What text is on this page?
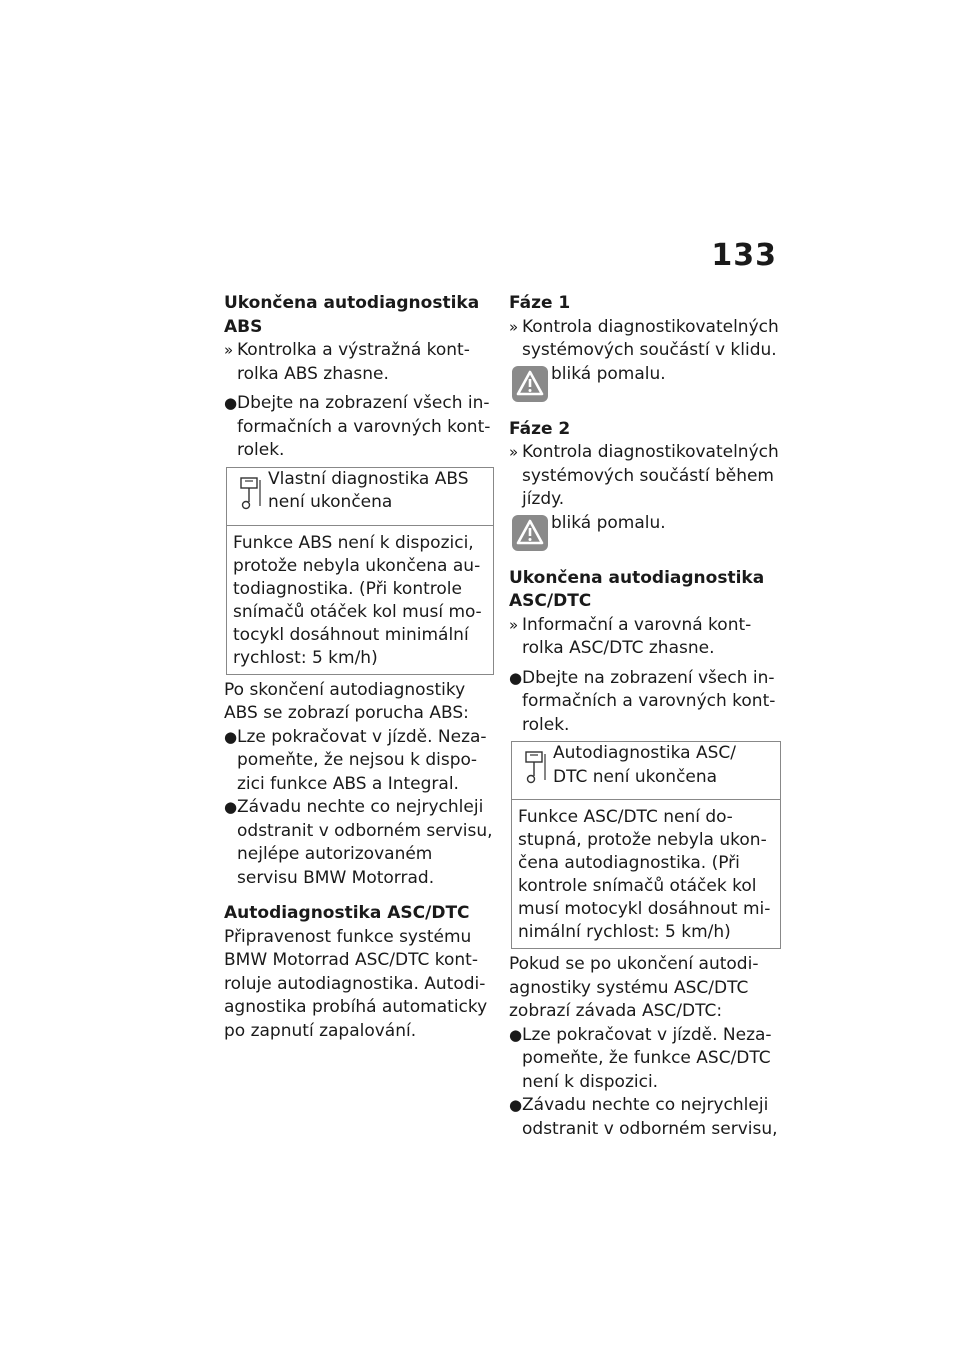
133

Ukončena autodiagnostika ABS

» Kontrolka a výstražná kontrolka ABS zhasne.

● Dbejte na zobrazení všech informačních a varovných kontrolek.

Vlastní diagnostika ABS není ukončena
Funkce ABS není k dispozici, protože nebyla ukončena autodiagnostika. (Při kontrole snímačů otáček kol musí motocykl dosáhnout minimální rychlost: 5 km/h)

Po skončení autodiagnostiky ABS se zobrazí porucha ABS:

● Lze pokračovat v jízdě. Nezapomeňte, že nejsou k dispozici funkce ABS a Integral.

● Závadu nechte co nejrychleji odstranit v odborném servisu, nejlépe autorizovaném servisu BMW Motorrad.

Autodiagnostika ASC/DTC

Připravenost funkce systému BMW Motorrad ASC/DTC kontroluje autodiagnostika. Autodiagnostika probíhá automaticky po zapnutí zapalování.

Fáze 1

» Kontrola diagnostikovatelných systémových součástí v klidu.

bliká pomalu.

Fáze 2

» Kontrola diagnostikovatelných systémových součástí během jízdy.

bliká pomalu.

Ukončena autodiagnostika ASC/DTC

» Informační a varovná kontrolka ASC/DTC zhasne.

● Dbejte na zobrazení všech informačních a varovných kontrolek.

Autodiagnostika ASC/ DTC není ukončena
Funkce ASC/DTC není dostupná, protože nebyla ukončena autodiagnostika. (Při kontrole snímačů otáček kol musí motocykl dosáhnout minimální rychlost: 5 km/h)

Pokud se po ukončení autodiagnostiky systému ASC/DTC zobrazí závada ASC/DTC:

● Lze pokračovat v jízdě. Nezapomeňte, že funkce ASC/DTC není k dispozici.

● Závadu nechte co nejrychleji odstranit v odborném servisu,
